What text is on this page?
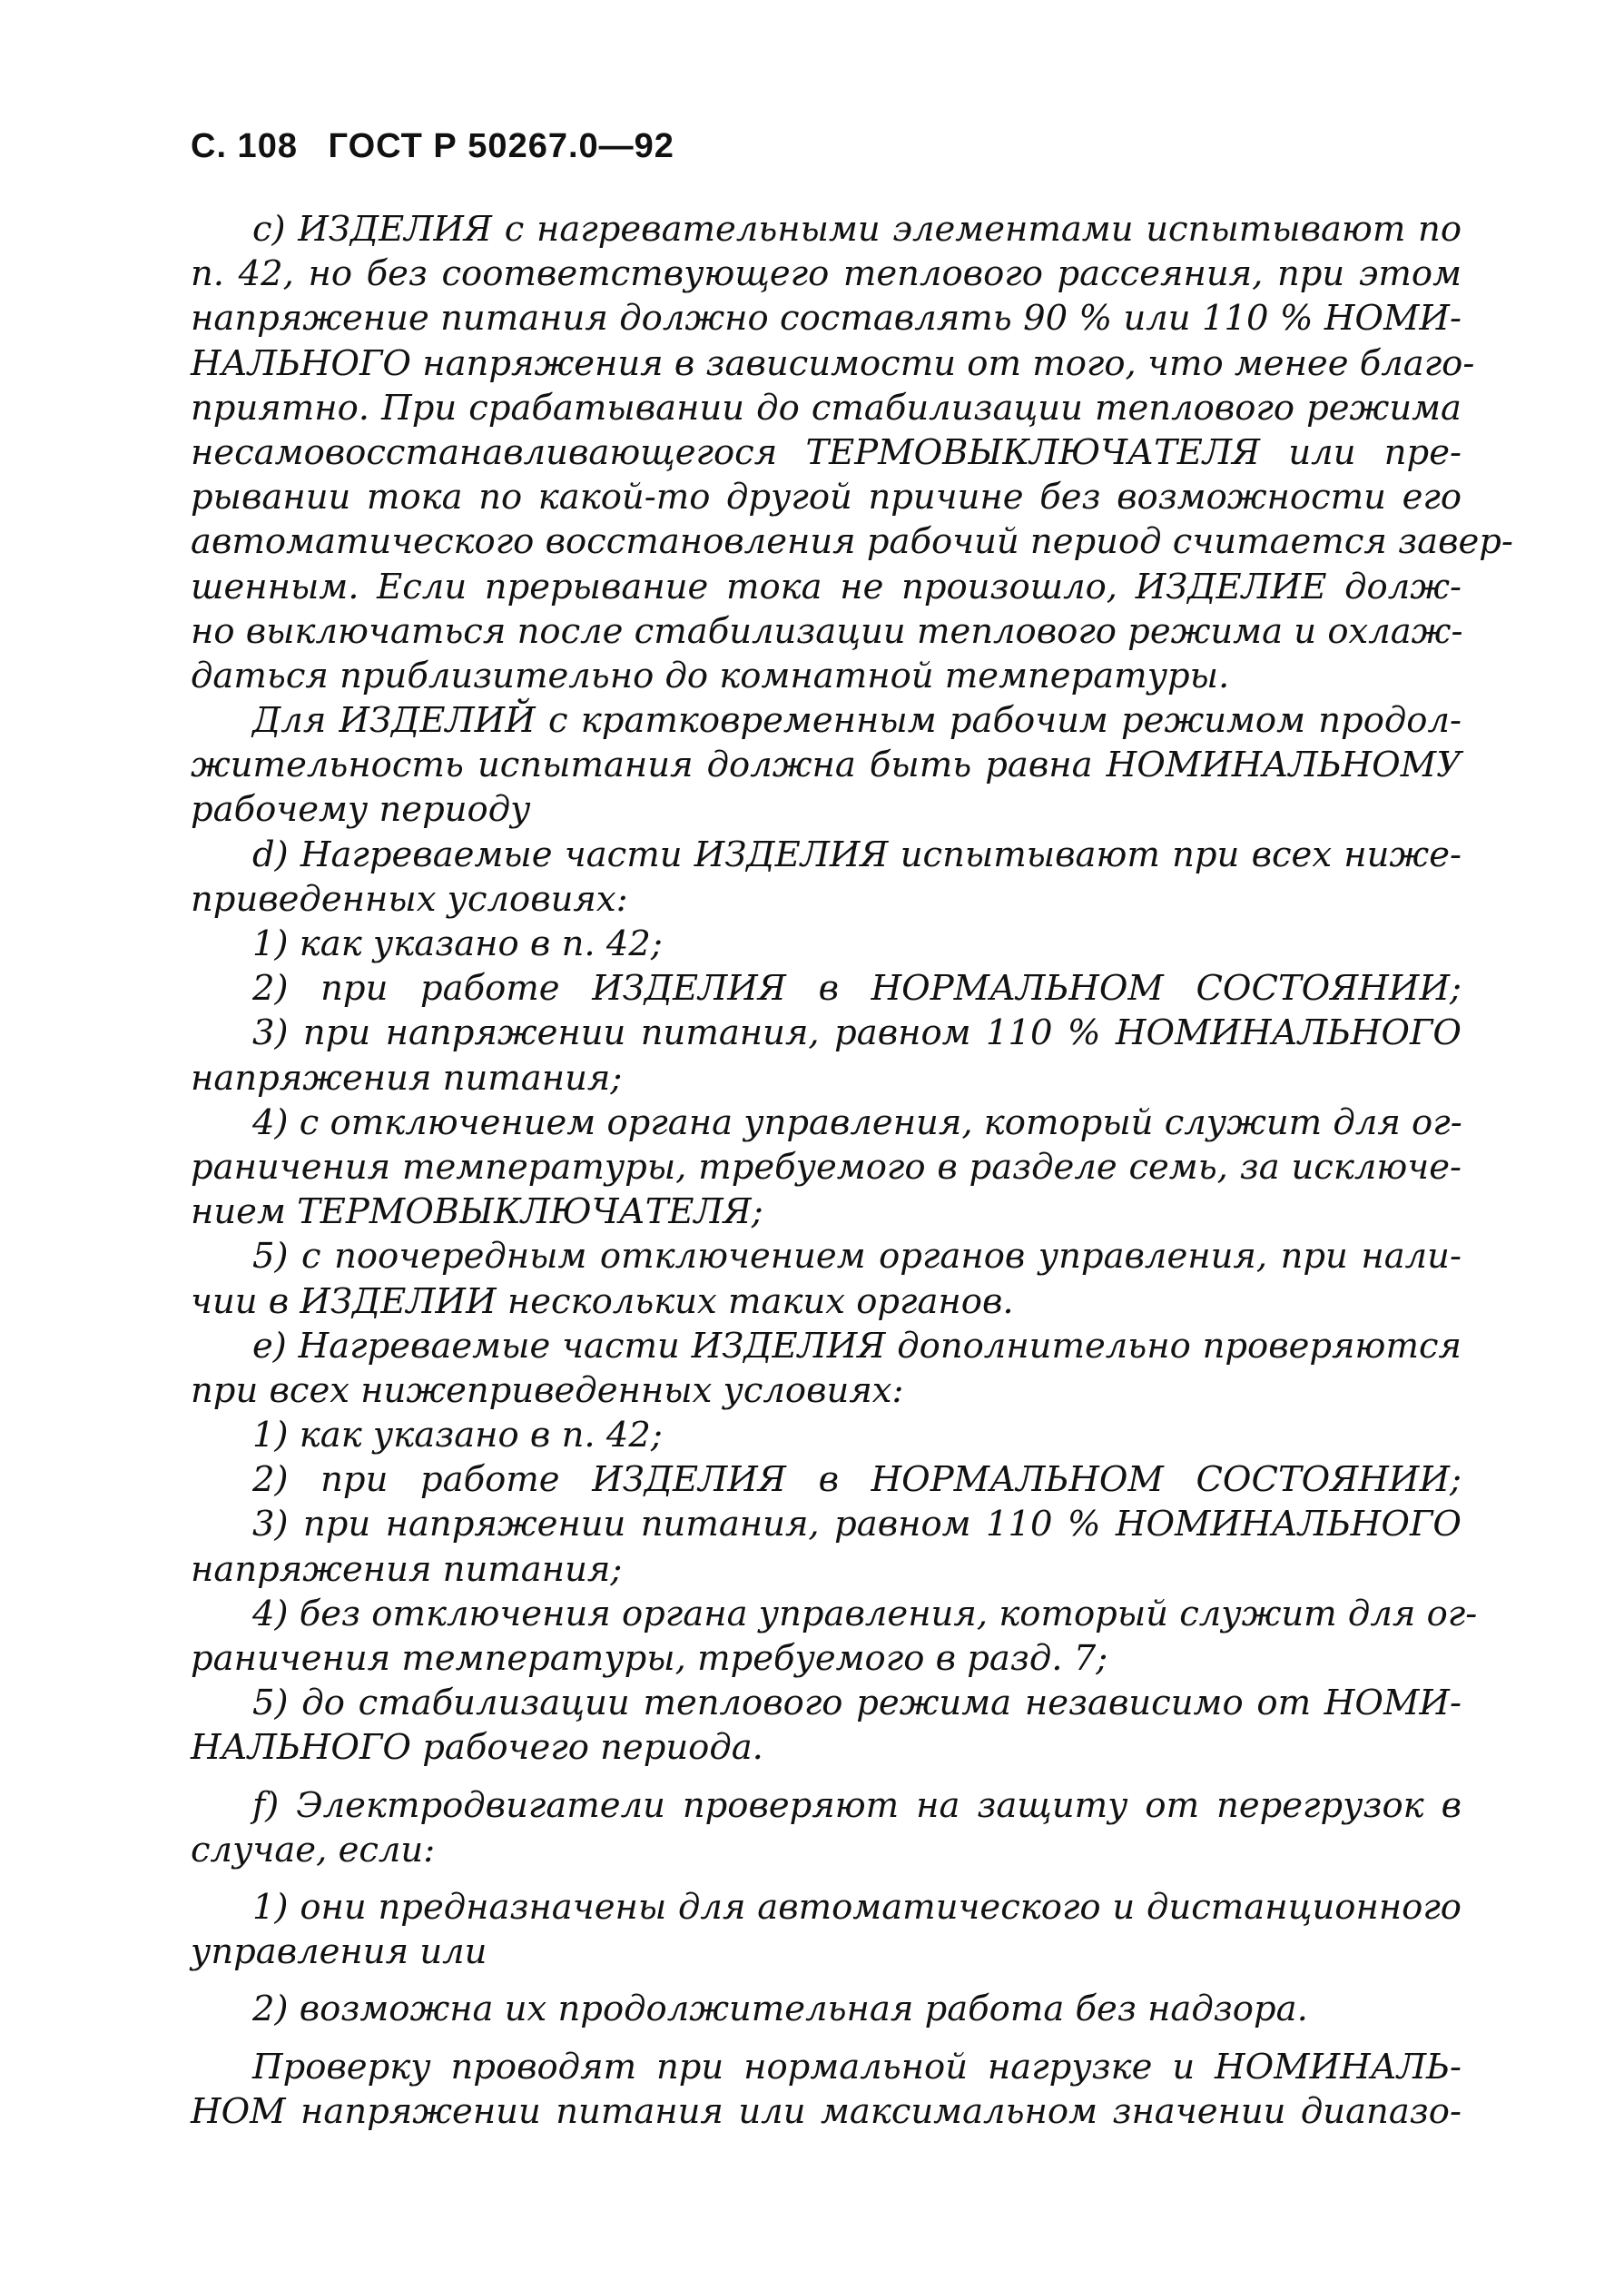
С. 108 ГОСТ Р 50267.0—92
с) ИЗДЕЛИЯ с нагревательными элементами испытывают по
п. 42, но без соответствующего теплового рассеяния, при этом
напряжение питания должно составлять 90 % или 110 % НОМИ-
НАЛЬНОГО напряжения в зависимости от того, что менее благо-
приятно. При срабатывании до стабилизации теплового режима
несамовосстанавливающегося ТЕРМОВЫКЛЮЧАТЕЛЯ или пре-
рывании тока по какой-то другой причине без возможности его
автоматического восстановления рабочий период считается завер-
шенным. Если прерывание тока не произошло, ИЗДЕЛИЕ долж-
но выключаться после стабилизации теплового режима и охлаж-
даться приблизительно до комнатной температуры.
Для ИЗДЕЛИЙ с кратковременным рабочим режимом продол-
жительность испытания должна быть равна НОМИНАЛЬНОМУ
рабочему периоду
d) Нагреваемые части ИЗДЕЛИЯ испытывают при всех ниже-
приведенных условиях:
1) как указано в п. 42;
2) при работе ИЗДЕЛИЯ в НОРМАЛЬНОМ СОСТОЯНИИ;
3) при напряжении питания, равном 110 % НОМИНАЛЬНОГО
напряжения питания;
4) с отключением органа управления, который служит для ог-
раничения температуры, требуемого в разделе семь, за исключе-
нием ТЕРМОВЫКЛЮЧАТЕЛЯ;
5) с поочередным отключением органов управления, при нали-
чии в ИЗДЕЛИИ нескольких таких органов.
е) Нагреваемые части ИЗДЕЛИЯ дополнительно проверяются
при всех нижеприведенных условиях:
1) как указано в п. 42;
2) при работе ИЗДЕЛИЯ в НОРМАЛЬНОМ СОСТОЯНИИ;
3) при напряжении питания, равном 110 % НОМИНАЛЬНОГО
напряжения питания;
4) без отключения органа управления, который служит для ог-
раничения температуры, требуемого в разд. 7;
5) до стабилизации теплового режима независимо от НОМИ-
НАЛЬНОГО рабочего периода.
f) Электродвигатели проверяют на защиту от перегрузок в
случае, если:
1) они предназначены для автоматического и дистанционного
управления или
2) возможна их продолжительная работа без надзора.
Проверку проводят при нормальной нагрузке и НОМИНАЛЬ-
НОМ напряжении питания или максимальном значении диапазо-
